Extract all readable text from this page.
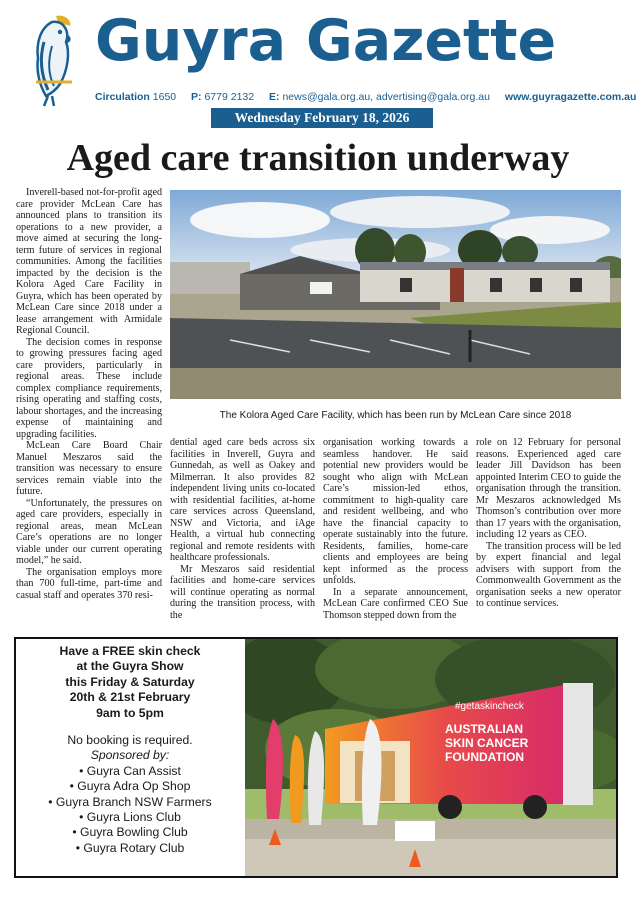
Guyra Gazette
Circulation 1650 P: 6779 2132 E: news@gala.org.au, advertising@gala.org.au www.guyragazette.com.au
Wednesday February 18, 2026
Aged care transition underway

Inverell-based not-for-profit aged care provider McLean Care has announced plans to transition its operations to a new provider, a move aimed at securing the long-term future of services in regional communities. Among the facilities impacted by the decision is the Kolora Aged Care Facility in Guyra, which has been operated by McLean Care since 2018 under a lease arrangement with Armidale Regional Council.

The decision comes in response to growing pressures facing aged care providers, particularly in regional areas. These include complex compliance requirements, rising operating and staffing costs, labour shortages, and the increasing expense of maintaining and upgrading facilities.

McLean Care Board Chair Manuel Meszaros said the transition was necessary to ensure services remain viable into the future.

“Unfortunately, the pressures on aged care providers, especially in regional areas, mean McLean Care’s operations are no longer viable under our current operating model,” he said.

The organisation employs more than 700 full-time, part-time and casual staff and operates 370 resi-

The Kolora Aged Care Facility, which has been run by McLean Care since 2018

dential aged care beds across six facilities in Inverell, Guyra and Gunnedah, as well as Oakey and Milmerran. It also provides 82 independent living units co-located with residential facilities, at-home care services across Queensland, NSW and Victoria, and iAge Health, a virtual hub connecting regional and remote residents with healthcare professionals.

Mr Meszaros said residential facilities and home-care services will continue operating as normal during the transition process, with the

organisation working towards a seamless handover. He said potential new providers would be sought who align with McLean Care’s mission-led ethos, commitment to high-quality care and resident wellbeing, and who have the financial capacity to operate sustainably into the future. Residents, families, home-care clients and employees are being kept informed as the process unfolds.

In a separate announcement, McLean Care confirmed CEO Sue Thomson stepped down from the

role on 12 February for personal reasons. Experienced aged care leader Jill Davidson has been appointed Interim CEO to guide the organisation through the transition. Mr Meszaros acknowledged Ms Thomson’s contribution over more than 17 years with the organisation, including 12 years as CEO.

The transition process will be led by expert financial and legal advisers with support from the Commonwealth Government as the organisation seeks a new operator to continue services.

Have a FREE skin check
at the Guyra Show
this Friday & Saturday
20th & 21st February
9am to 5pm
No booking is required.
Sponsored by:
• Guyra Can Assist
• Guyra Adra Op Shop
• Guyra Branch NSW Farmers
• Guyra Lions Club
• Guyra Bowling Club
• Guyra Rotary Club
#getaskincheck
AUSTRALIAN
SKIN CANCER
FOUNDATION
